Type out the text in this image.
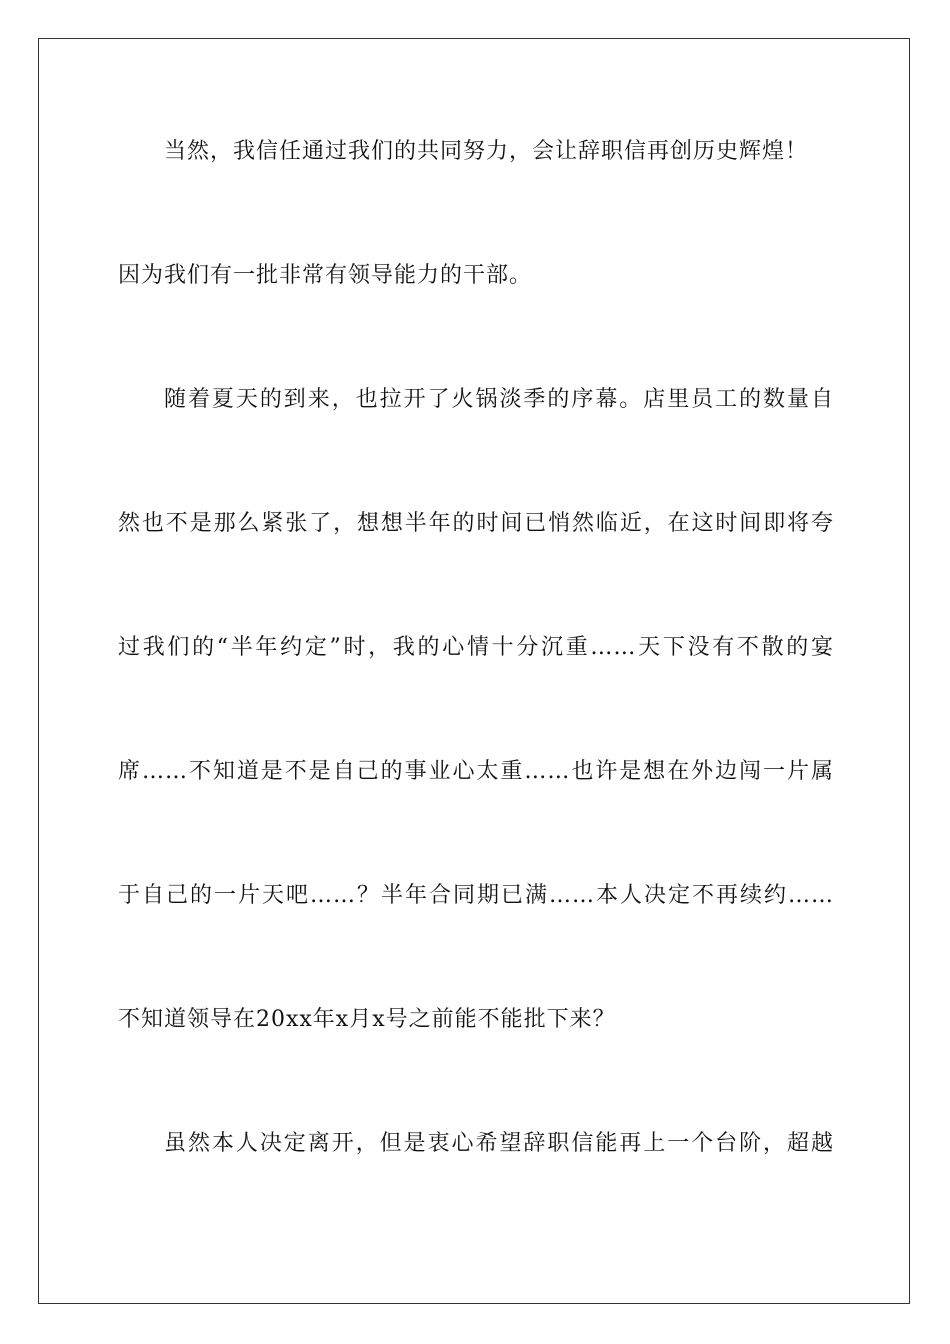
当然，我信任通过我们的共同努力，会让辞职信再创历史辉煌！
因为我们有一批非常有领导能力的干部。
随着夏天的到来，也拉开了火锅淡季的序幕。店里员工的数量自
然也不是那么紧张了，想想半年的时间已悄然临近，在这时间即将夸
过我们的“半年约定”时，我的心情十分沉重……天下没有不散的宴
席……不知道是不是自己的事业心太重……也许是想在外边闯一片属
于自己的一片天吧……？半年合同期已满……本人决定不再续约……
不知道领导在20xx年x月x号之前能不能批下来？
虽然本人决定离开，但是衷心希望辞职信能再上一个台阶，超越
